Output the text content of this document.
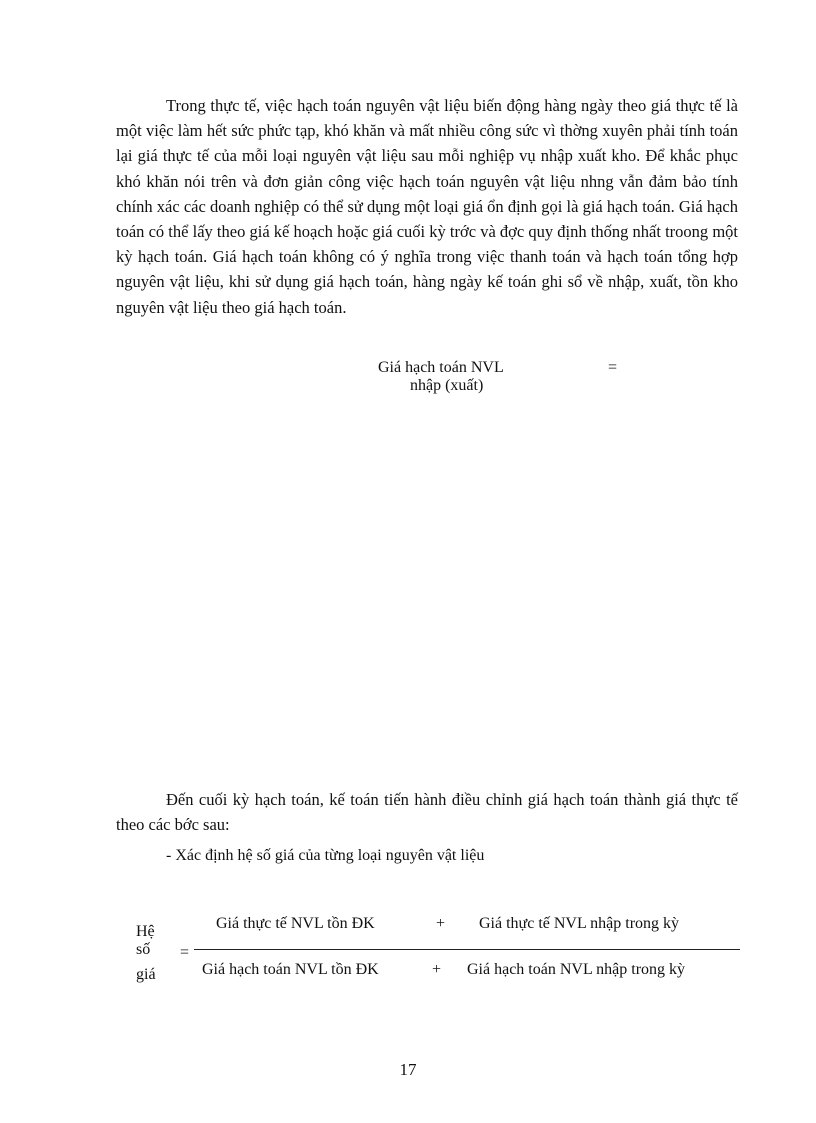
Trong thực tế, việc hạch toán nguyên vật liệu biến động hàng ngày theo giá thực tế là một việc làm hết sức phức tạp, khó khăn và mất nhiều công sức vì thờng xuyên phải tính toán lại giá thực tế của mỗi loại nguyên vật liệu sau mỗi nghiệp vụ nhập xuất kho. Để khắc phục khó khăn nói trên và đơn giản công việc hạch toán nguyên vật liệu nhng vẫn đảm bảo tính chính xác các doanh nghiệp có thể sử dụng một loại giá ổn định gọi là giá hạch toán. Giá hạch toán có thể lấy theo giá kế hoạch hoặc giá cuối kỳ trớc và đợc quy định thống nhất troong một kỳ hạch toán. Giá hạch toán không có ý nghĩa trong việc thanh toán và hạch toán tổng hợp nguyên vật liệu, khi sử dụng giá hạch toán, hàng ngày kế toán ghi sổ về nhập, xuất, tồn kho nguyên vật liệu theo giá hạch toán.

Giá hạch toán NVL
nhập (xuất)
=

Đến cuối kỳ hạch toán, kế toán tiến hành điều chỉnh giá hạch toán thành giá thực tế theo các bớc sau:

- Xác định hệ số giá của từng loại nguyên vật liệu

Hệ
số
giá
=
Giá thực tế NVL tồn ĐK	+ Giá thực tế NVL nhập trong kỳ
Giá hạch toán NVL tồn ĐK	+ Giá hạch toán NVL nhập trong kỳ
17
